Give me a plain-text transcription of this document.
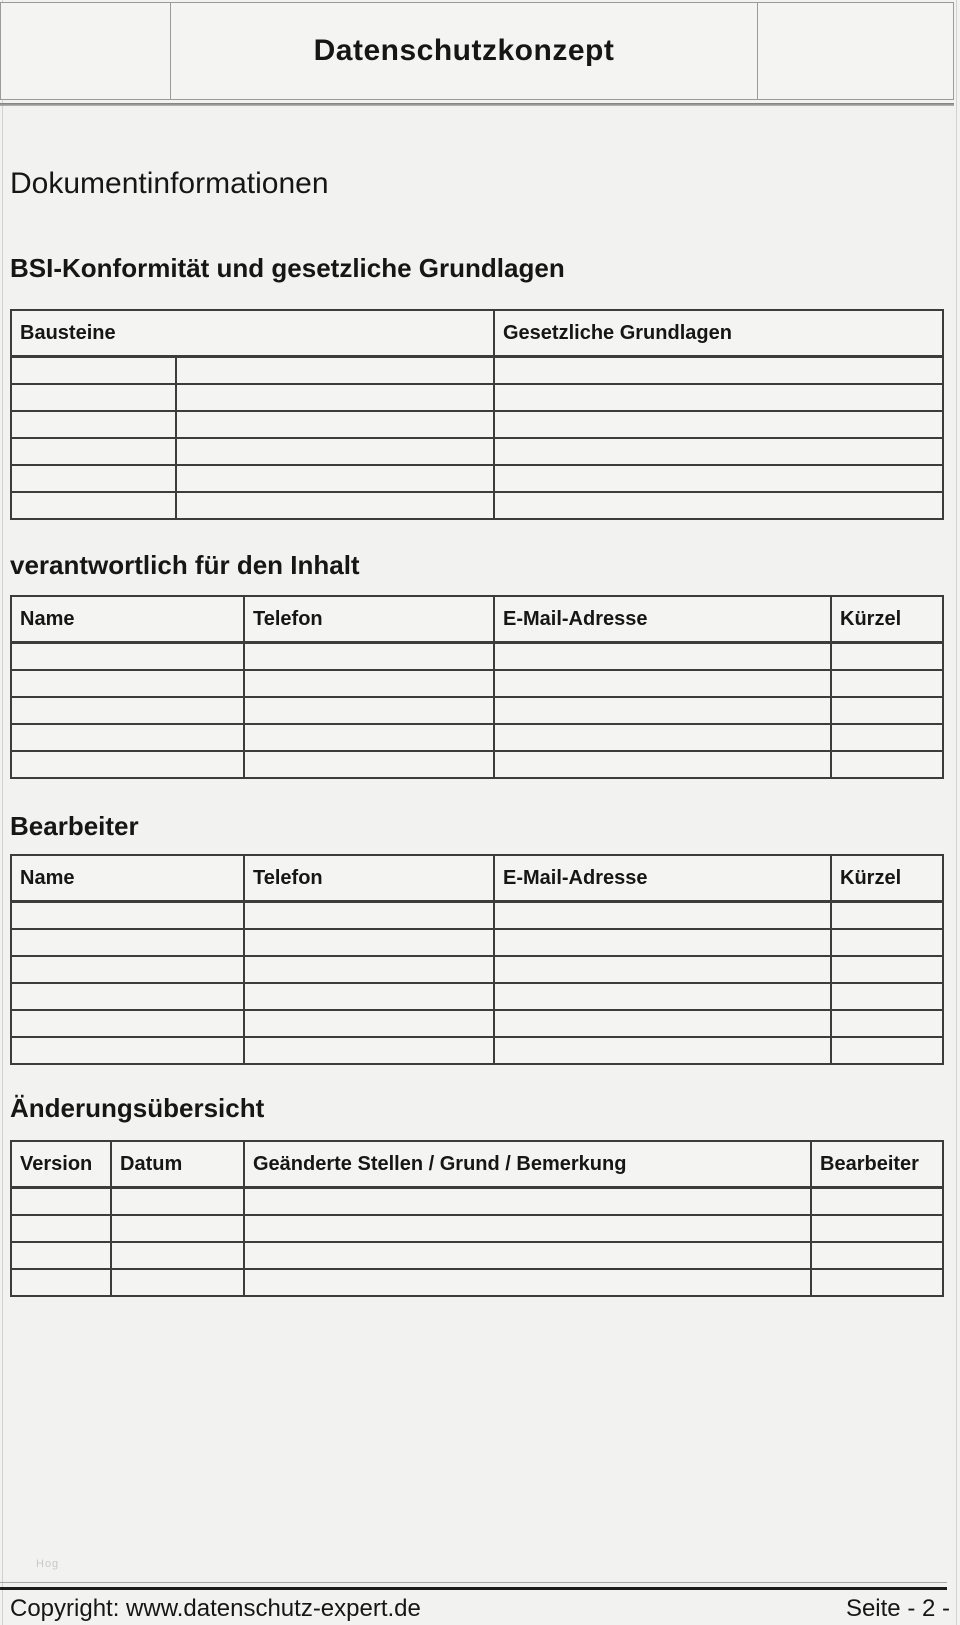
Datenschutzkonzept
Dokumentinformationen
BSI-Konformität und gesetzliche Grundlagen
Bausteine		Gesetzliche Grundlagen

verantwortlich für den Inhalt
Name	Telefon	E-Mail-Adresse	Kürzel

Bearbeiter
Name	Telefon	E-Mail-Adresse	Kürzel

Änderungsübersicht
Version	Datum	Geänderte Stellen / Grund / Bemerkung	Bearbeiter

Hog
Copyright: www.datenschutz-expert.de	Seite - 2 -
